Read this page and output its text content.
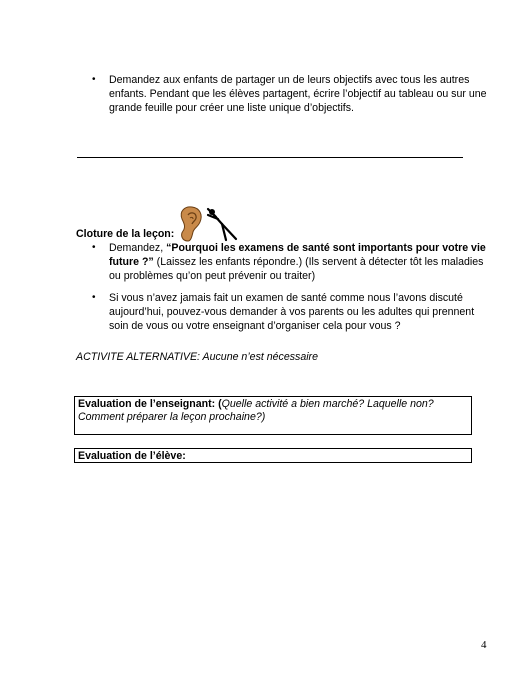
•	Demandez aux enfants de partager un de leurs objectifs avec tous les autres enfants. Pendant que les élèves partagent, écrire l’objectif au tableau ou sur une grande feuille pour créer une liste unique d’objectifs.
Cloture de la leçon:
•	Demandez, “Pourquoi les examens de santé sont importants pour votre vie future ?” (Laissez les enfants répondre.) (Ils servent à détecter tôt les maladies ou problèmes qu’on peut prévenir ou traiter)
•	Si vous n’avez jamais fait un examen de santé comme nous l’avons discuté aujourd’hui, pouvez-vous demander à vos parents ou les adultes qui prennent soin de vous ou votre enseignant d’organiser cela pour vous ?
ACTIVITE ALTERNATIVE: Aucune n’est nécessaire
Evaluation de l’enseignant: (Quelle activité a bien marché? Laquelle non? Comment préparer la leçon prochaine?)
Evaluation de l’élève:
4
